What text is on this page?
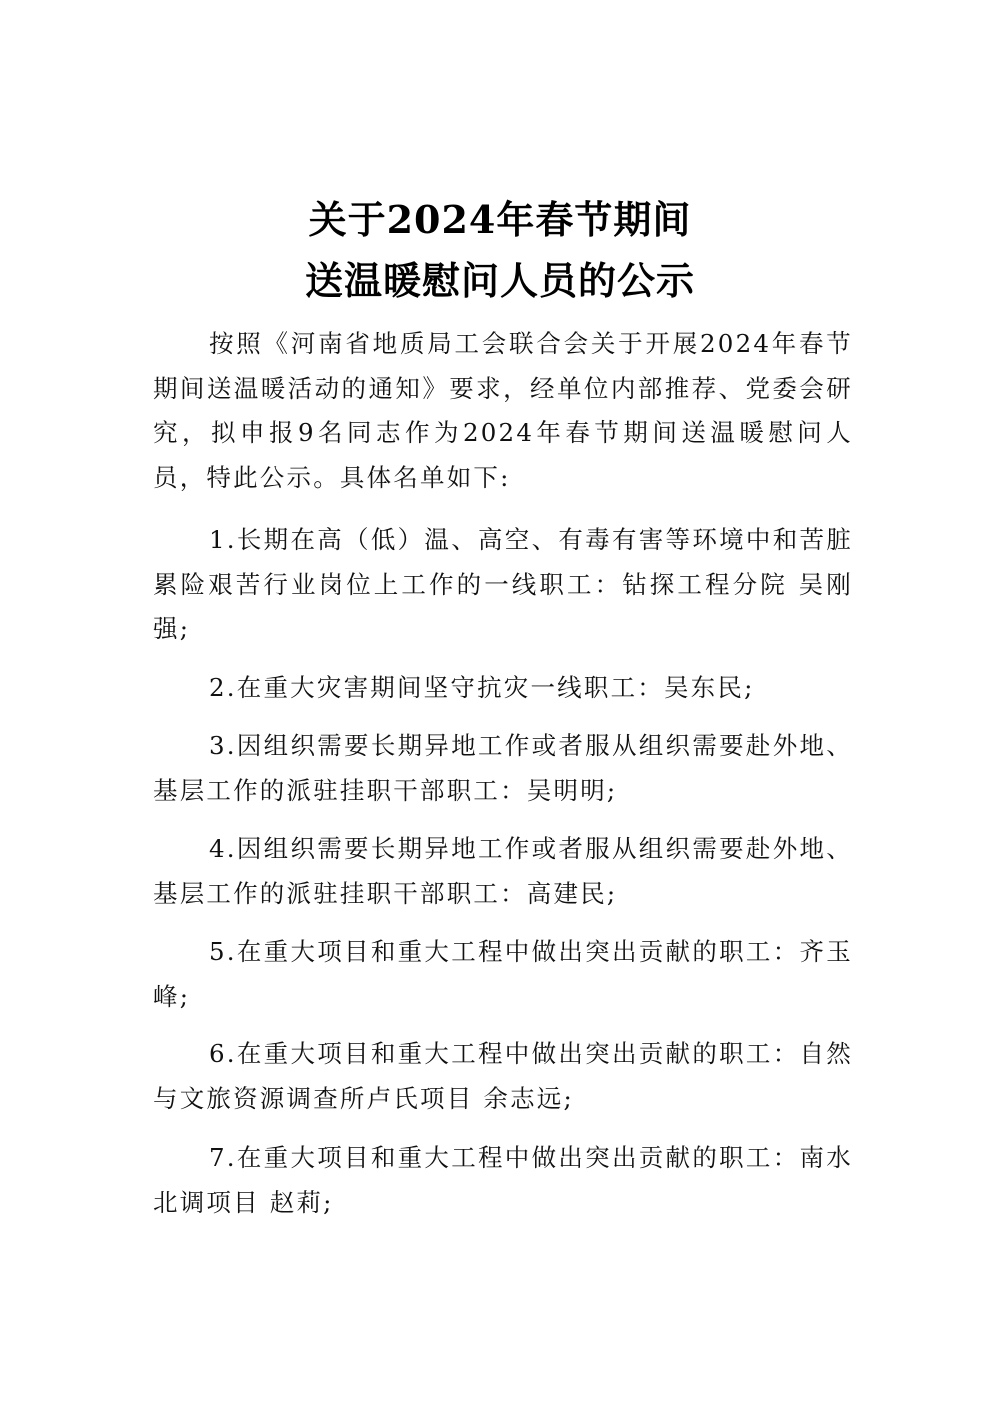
关于2024年春节期间
送温暖慰问人员的公示

按照《河南省地质局工会联合会关于开展2024年春节期间送温暖活动的通知》要求，经单位内部推荐、党委会研究，拟申报9名同志作为2024年春节期间送温暖慰问人员，特此公示。具体名单如下:

1.长期在高（低）温、高空、有毒有害等环境中和苦脏累险艰苦行业岗位上工作的一线职工：钻探工程分院 吴刚强;

2.在重大灾害期间坚守抗灾一线职工：吴东民;

3.因组织需要长期异地工作或者服从组织需要赴外地、基层工作的派驻挂职干部职工：吴明明;

4.因组织需要长期异地工作或者服从组织需要赴外地、基层工作的派驻挂职干部职工：高建民;

5.在重大项目和重大工程中做出突出贡献的职工：齐玉峰;

6.在重大项目和重大工程中做出突出贡献的职工：自然与文旅资源调查所卢氏项目 余志远;

7.在重大项目和重大工程中做出突出贡献的职工：南水北调项目 赵莉;
